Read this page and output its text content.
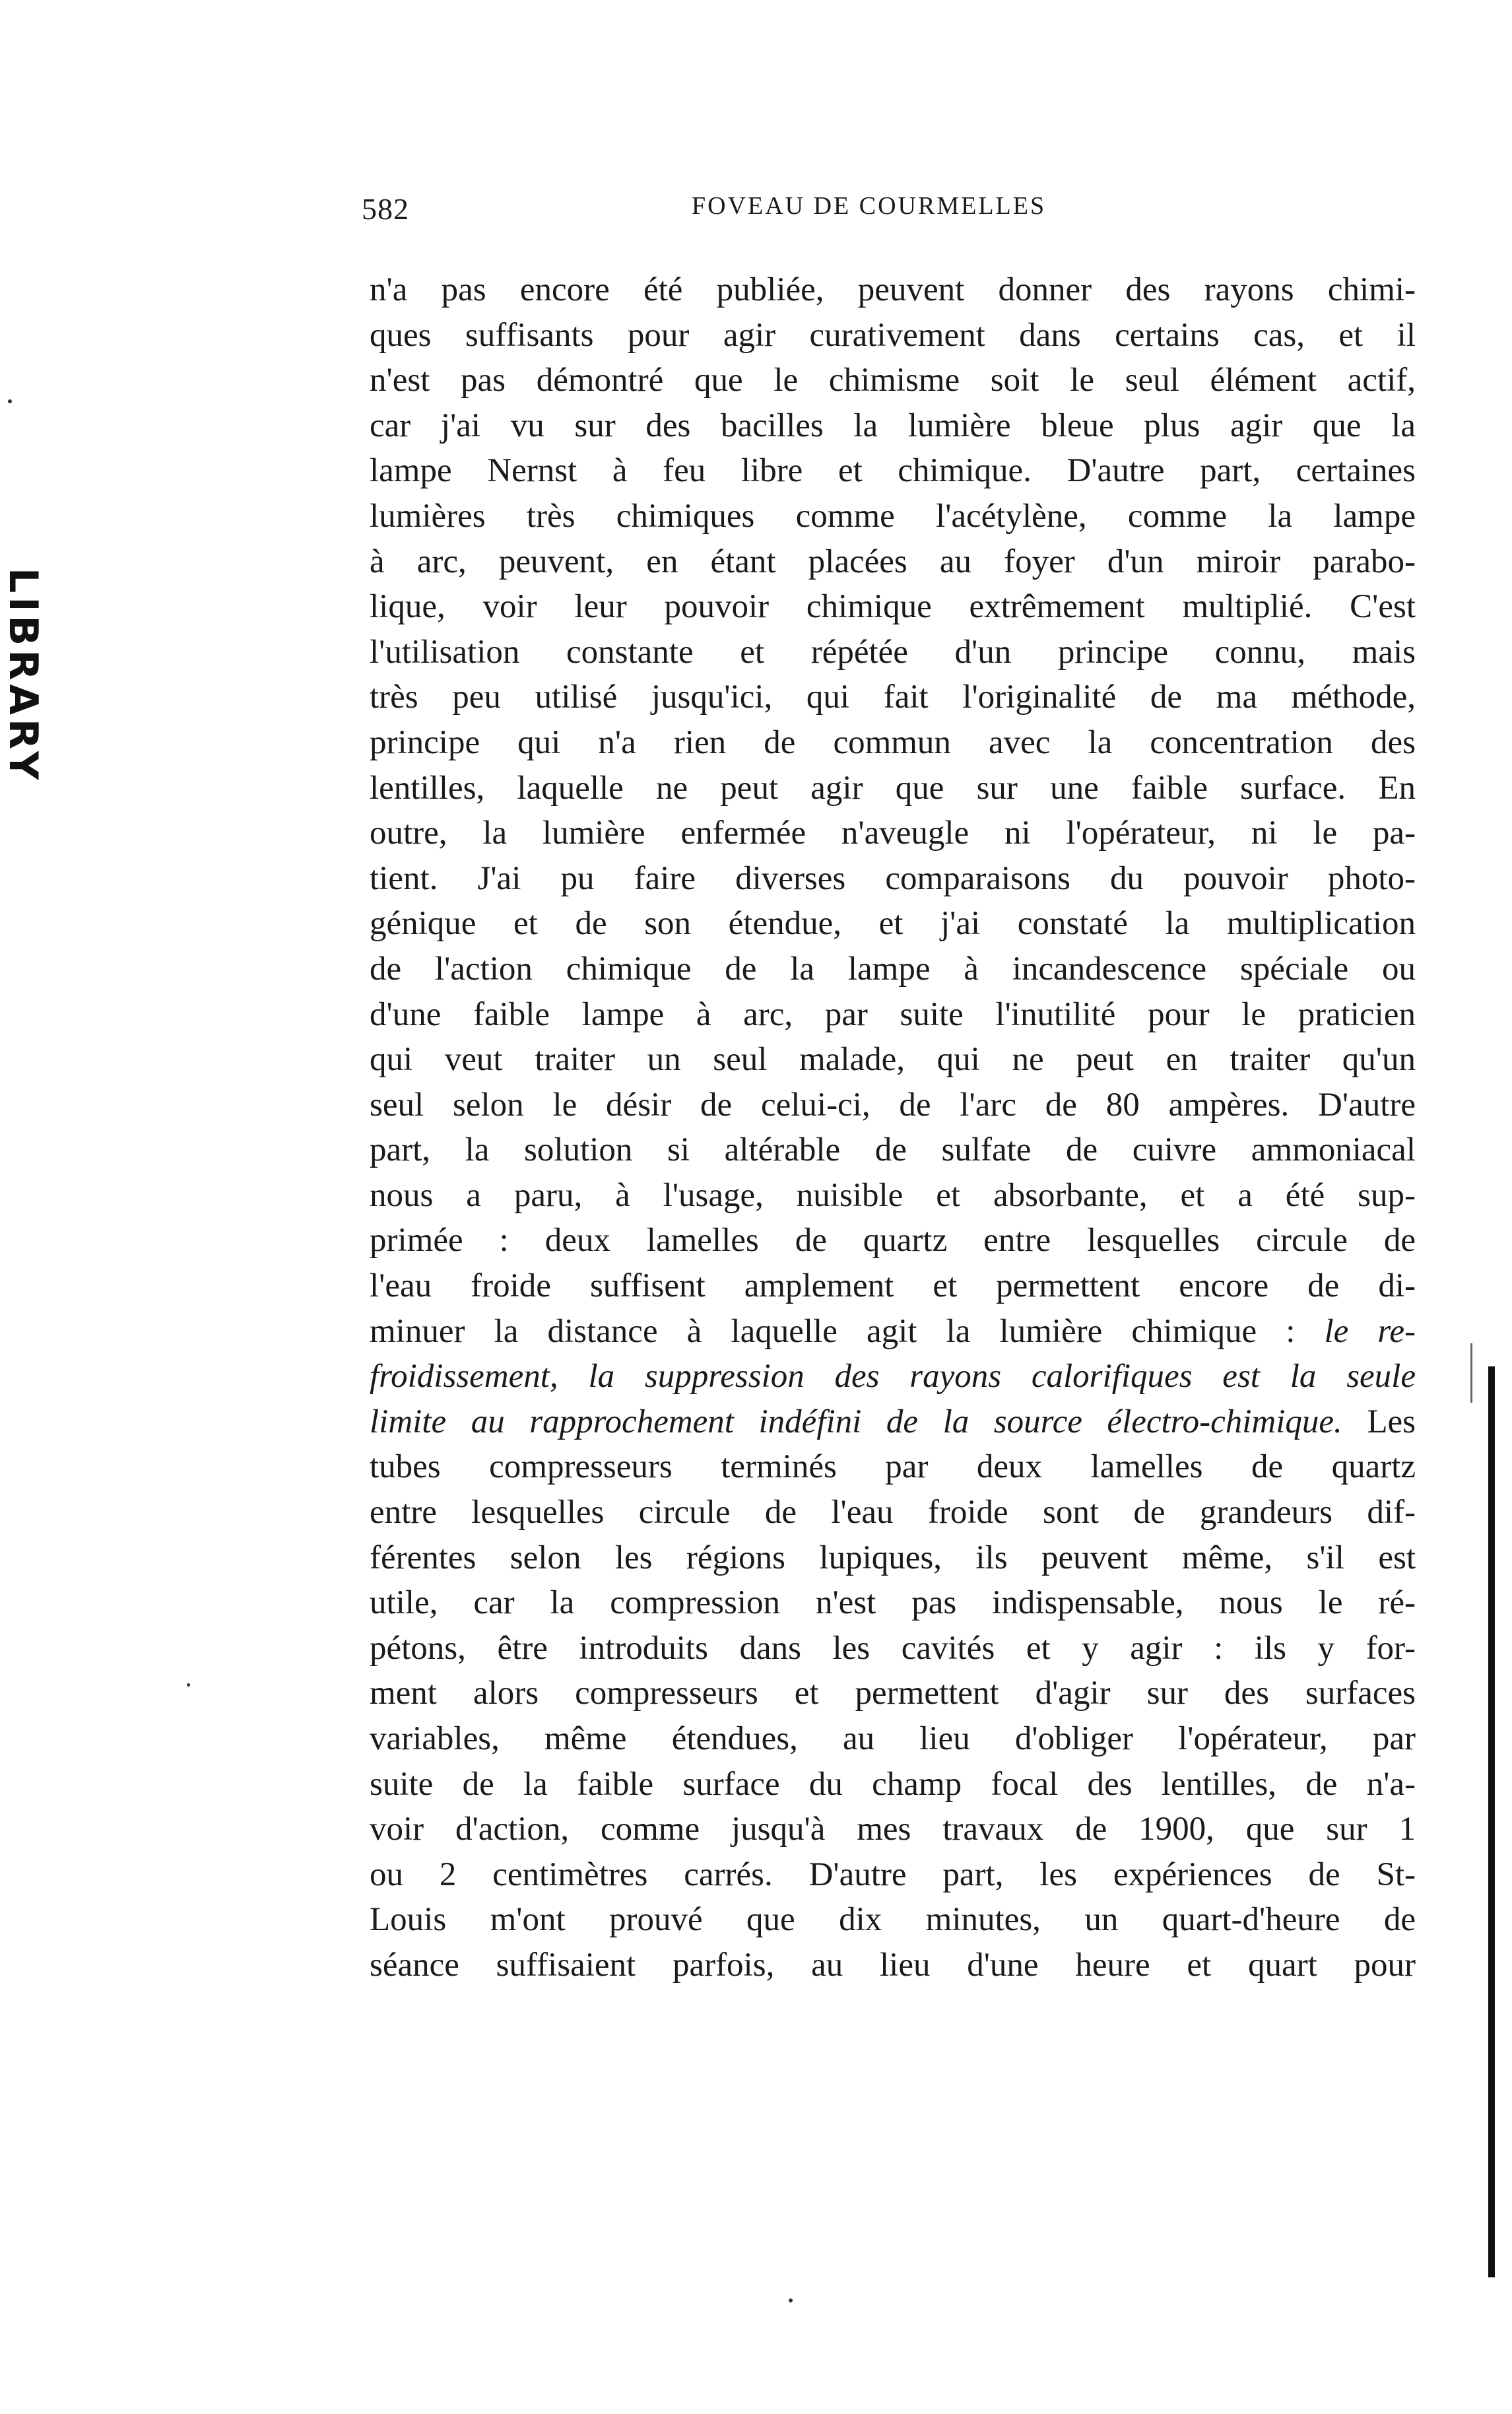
582	FOVEAU DE COURMELLES
LIBRARY
n'a pas encore été publiée, peuvent donner des rayons chimi-
ques suffisants pour agir curativement dans certains cas, et il
n'est pas démontré que le chimisme soit le seul élément actif,
car j'ai vu sur des bacilles la lumière bleue plus agir que la
lampe Nernst à feu libre et chimique. D'autre part, certaines
lumières très chimiques comme l'acétylène, comme la lampe
à arc, peuvent, en étant placées au foyer d'un miroir parabo-
lique, voir leur pouvoir chimique extrêmement multiplié. C'est
l'utilisation constante et répétée d'un principe connu, mais
très peu utilisé jusqu'ici, qui fait l'originalité de ma méthode,
principe qui n'a rien de commun avec la concentration des
lentilles, laquelle ne peut agir que sur une faible surface. En
outre, la lumière enfermée n'aveugle ni l'opérateur, ni le pa-
tient. J'ai pu faire diverses comparaisons du pouvoir photo-
génique et de son étendue, et j'ai constaté la multiplication
de l'action chimique de la lampe à incandescence spéciale ou
d'une faible lampe à arc, par suite l'inutilité pour le praticien
qui veut traiter un seul malade, qui ne peut en traiter qu'un
seul selon le désir de celui-ci, de l'arc de 80 ampères. D'autre
part, la solution si altérable de sulfate de cuivre ammoniacal
nous a paru, à l'usage, nuisible et absorbante, et a été sup-
primée : deux lamelles de quartz entre lesquelles circule de
l'eau froide suffisent amplement et permettent encore de di-
minuer la distance à laquelle agit la lumière chimique : le re-
froidissement, la suppression des rayons calorifiques est la seule
limite au rapprochement indéfini de la source électro-chimique. Les
tubes compresseurs terminés par deux lamelles de quartz
entre lesquelles circule de l'eau froide sont de grandeurs dif-
férentes selon les régions lupiques, ils peuvent même, s'il est
utile, car la compression n'est pas indispensable, nous le ré-
pétons, être introduits dans les cavités et y agir : ils y for-
ment alors compresseurs et permettent d'agir sur des surfaces
variables, même étendues, au lieu d'obliger l'opérateur, par
suite de la faible surface du champ focal des lentilles, de n'a-
voir d'action, comme jusqu'à mes travaux de 1900, que sur 1
ou 2 centimètres carrés. D'autre part, les expériences de St-
Louis m'ont prouvé que dix minutes, un quart-d'heure de
séance suffisaient parfois, au lieu d'une heure et quart pour
